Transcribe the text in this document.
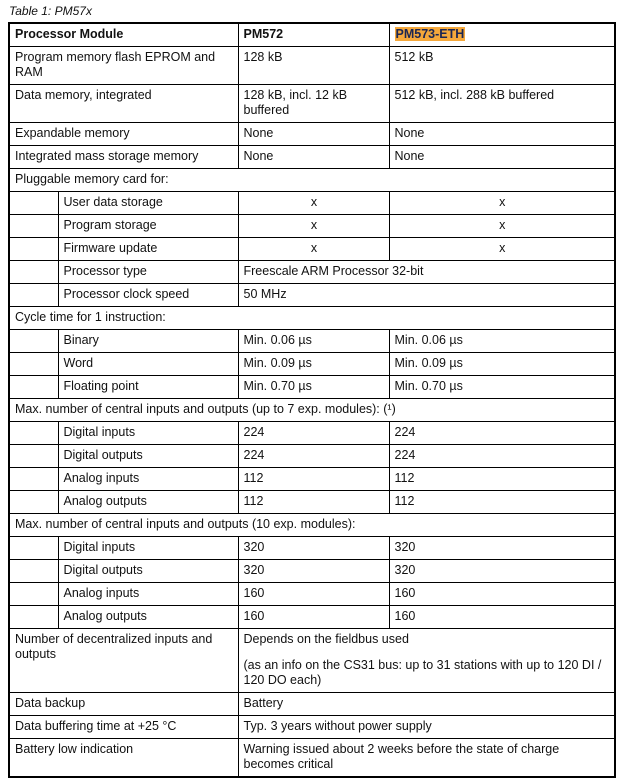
Table 1: PM57x
Processor Module		PM572	PM573-ETH
Program memory flash EPROM and RAM		128 kB	512 kB
Data memory, integrated		128 kB, incl. 12 kB buffered	512 kB, incl. 288 kB buffered
Expandable memory		None	None
Integrated mass storage memory		None	None
Pluggable memory card for:			
	User data storage	x	x
	Program storage	x	x
	Firmware update	x	x
	Processor type	Freescale ARM Processor 32-bit	
	Processor clock speed	50 MHz	
Cycle time for 1 instruction:			
	Binary	Min. 0.06 µs	Min. 0.06 µs
	Word	Min. 0.09 µs	Min. 0.09 µs
	Floating point	Min. 0.70 µs	Min. 0.70 µs
Max. number of central inputs and outputs (up to 7 exp. modules): (¹)			
	Digital inputs	224	224
	Digital outputs	224	224
	Analog inputs	112	112
	Analog outputs	112	112
Max. number of central inputs and outputs (10 exp. modules):			
	Digital inputs	320	320
	Digital outputs	320	320
	Analog inputs	160	160
	Analog outputs	160	160
Number of decentralized inputs and outputs		Depends on the fieldbus used

(as an info on the CS31 bus: up to 31 stations with up to 120 DI / 120 DO each)	

Data backup		Battery	
Data buffering time at +25 °C		Typ. 3 years without power supply	
Battery low indication		Warning issued about 2 weeks before the state of charge becomes critical	
